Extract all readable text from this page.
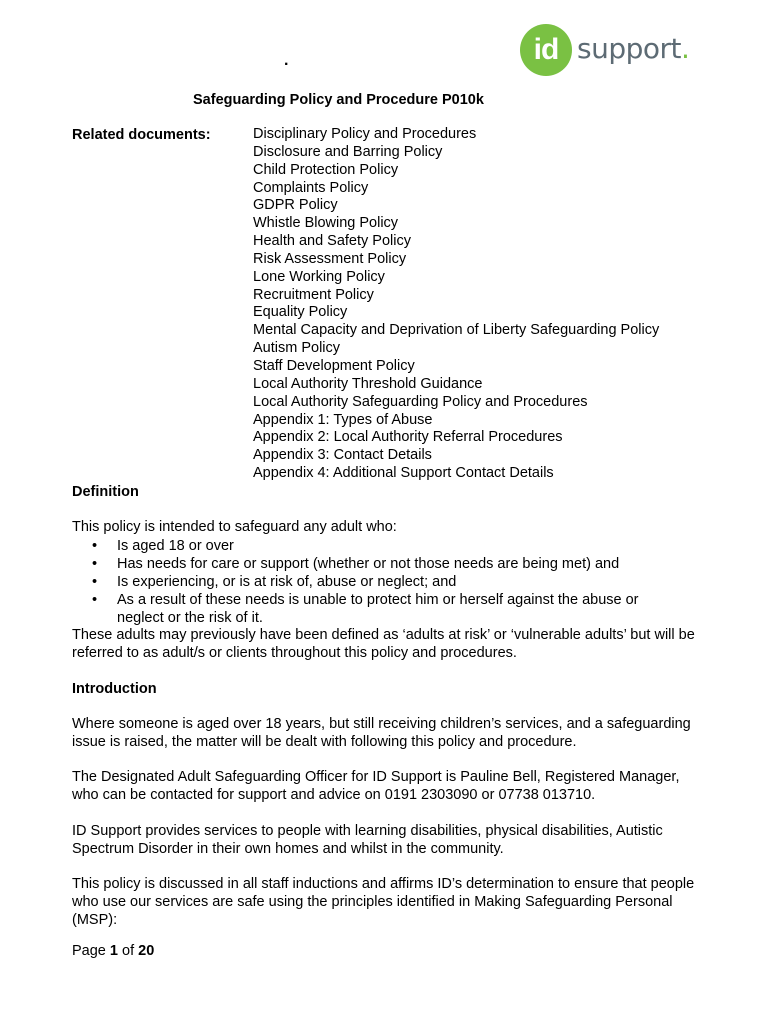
id support.
.
Safeguarding Policy and Procedure P010k
Related documents:	Disciplinary Policy and Procedures
Disclosure and Barring Policy
Child Protection Policy
Complaints Policy
GDPR Policy
Whistle Blowing Policy
Health and Safety Policy
Risk Assessment Policy
Lone Working Policy
Recruitment Policy
Equality Policy
Mental Capacity and Deprivation of Liberty Safeguarding Policy
Autism Policy
Staff Development Policy
Local Authority Threshold Guidance
Local Authority Safeguarding Policy and Procedures
Appendix 1: Types of Abuse
Appendix 2: Local Authority Referral Procedures
Appendix 3: Contact Details
Appendix 4: Additional Support Contact Details
Definition

This policy is intended to safeguard any adult who:

• Is aged 18 or over
• Has needs for care or support (whether or not those needs are being met) and
• Is experiencing, or is at risk of, abuse or neglect; and
• As a result of these needs is unable to protect him or herself against the abuse or neglect or the risk of it.

These adults may previously have been defined as ‘adults at risk’ or ‘vulnerable adults’ but will be referred to as adult/s or clients throughout this policy and procedures.

Introduction

Where someone is aged over 18 years, but still receiving children’s services, and a safeguarding issue is raised, the matter will be dealt with following this policy and procedure.

The Designated Adult Safeguarding Officer for ID Support is Pauline Bell, Registered Manager, who can be contacted for support and advice on 0191 2303090 or 07738 013710.

ID Support provides services to people with learning disabilities, physical disabilities, Autistic Spectrum Disorder in their own homes and whilst in the community.

This policy is discussed in all staff inductions and affirms ID’s determination to ensure that people who use our services are safe using the principles identified in Making Safeguarding Personal (MSP):

Page 1 of 20
